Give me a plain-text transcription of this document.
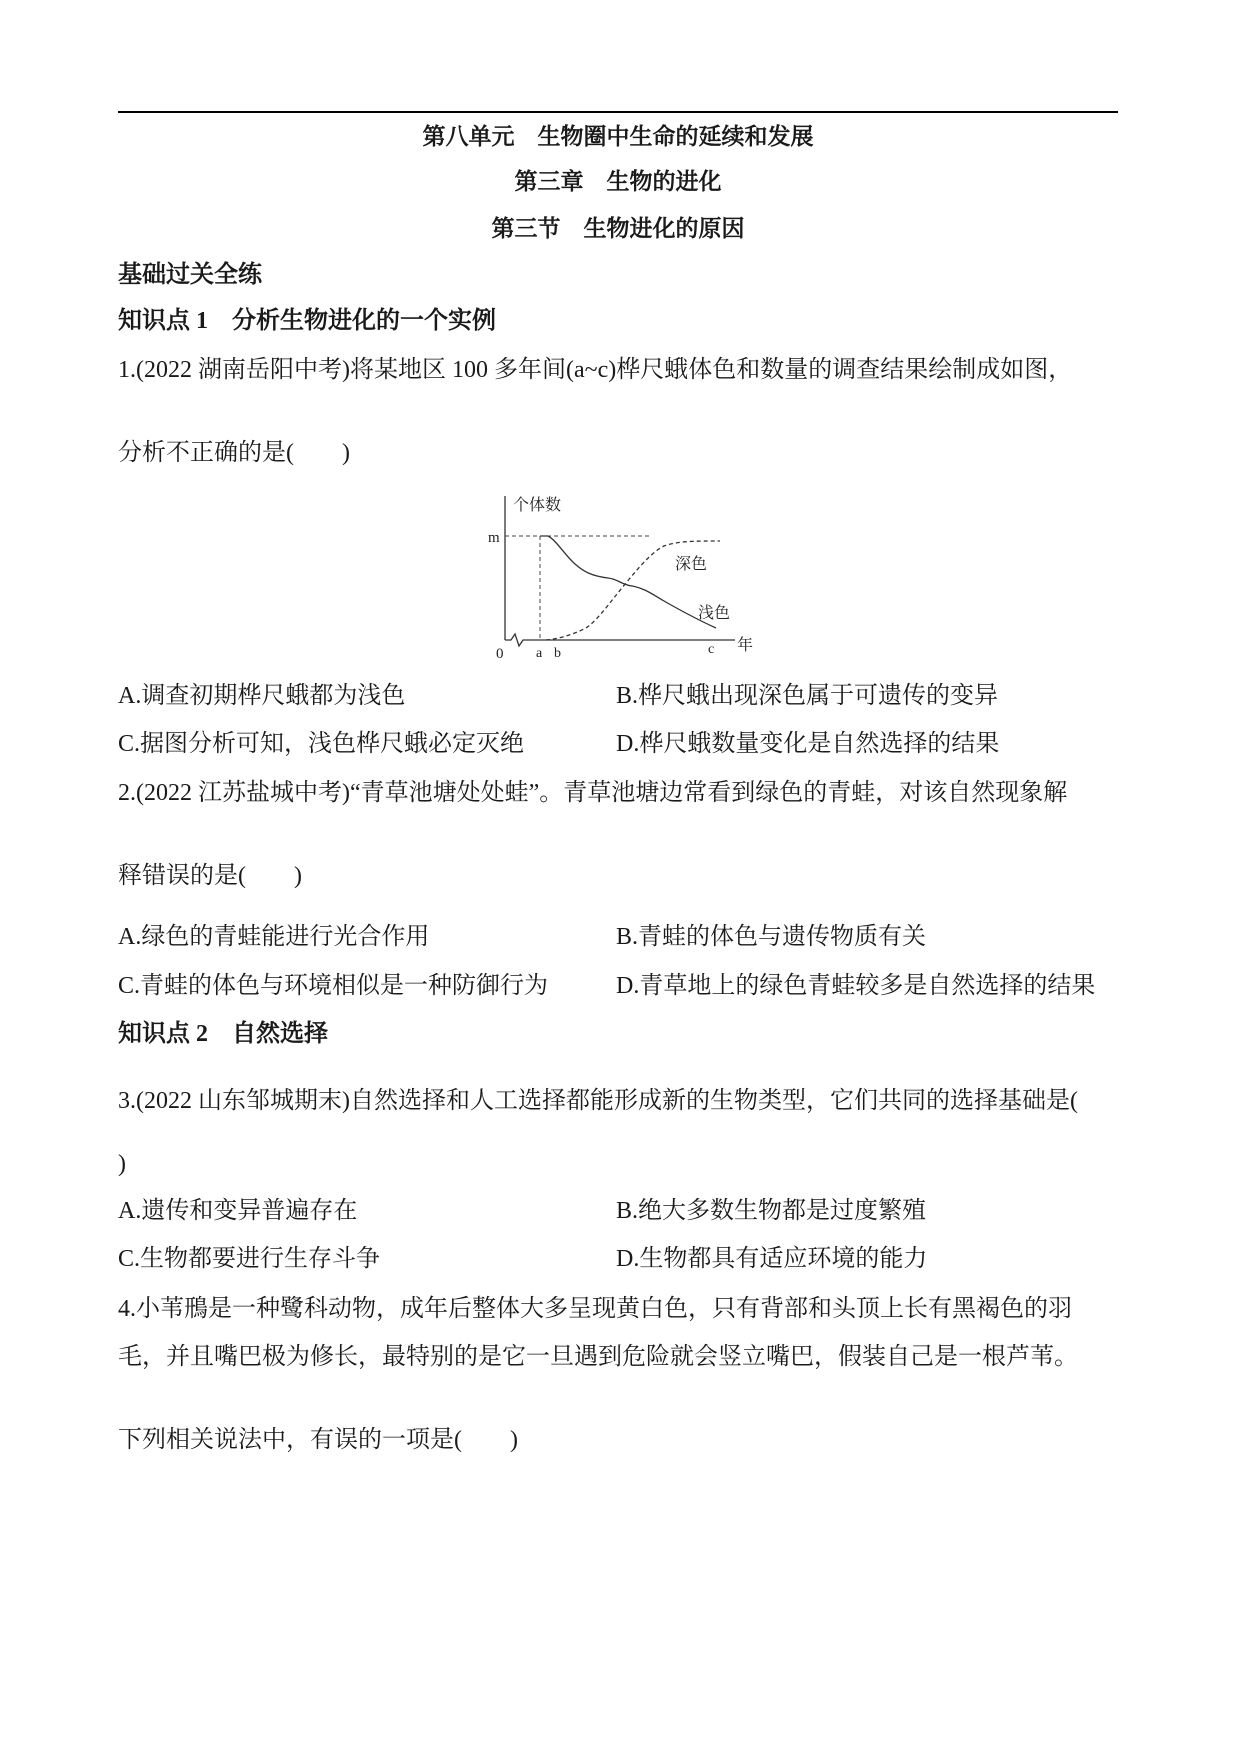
第八单元　生物圈中生命的延续和发展
第三章　生物的进化
第三节　生物进化的原因
基础过关全练
知识点 1　分析生物进化的一个实例
1.(2022 湖南岳阳中考)将某地区 100 多年间(a~c)桦尺蛾体色和数量的调查结果绘制成如图，
分析不正确的是(　　)
个体数
m
0 a b	c 年
深色
浅色
A.调查初期桦尺蛾都为浅色	B.桦尺蛾出现深色属于可遗传的变异
C.据图分析可知，浅色桦尺蛾必定灭绝	D.桦尺蛾数量变化是自然选择的结果
2.(2022 江苏盐城中考)“青草池塘处处蛙”。青草池塘边常看到绿色的青蛙，对该自然现象解
释错误的是(　　)
A.绿色的青蛙能进行光合作用	B.青蛙的体色与遗传物质有关
C.青蛙的体色与环境相似是一种防御行为	D.青草地上的绿色青蛙较多是自然选择的结果
知识点 2　自然选择
3.(2022 山东邹城期末)自然选择和人工选择都能形成新的生物类型，它们共同的选择基础是(
)
A.遗传和变异普遍存在	B.绝大多数生物都是过度繁殖
C.生物都要进行生存斗争	D.生物都具有适应环境的能力
4.小苇鳽是一种鹭科动物，成年后整体大多呈现黄白色，只有背部和头顶上长有黑褐色的羽
毛，并且嘴巴极为修长，最特别的是它一旦遇到危险就会竖立嘴巴，假装自己是一根芦苇。
下列相关说法中，有误的一项是(　　)
